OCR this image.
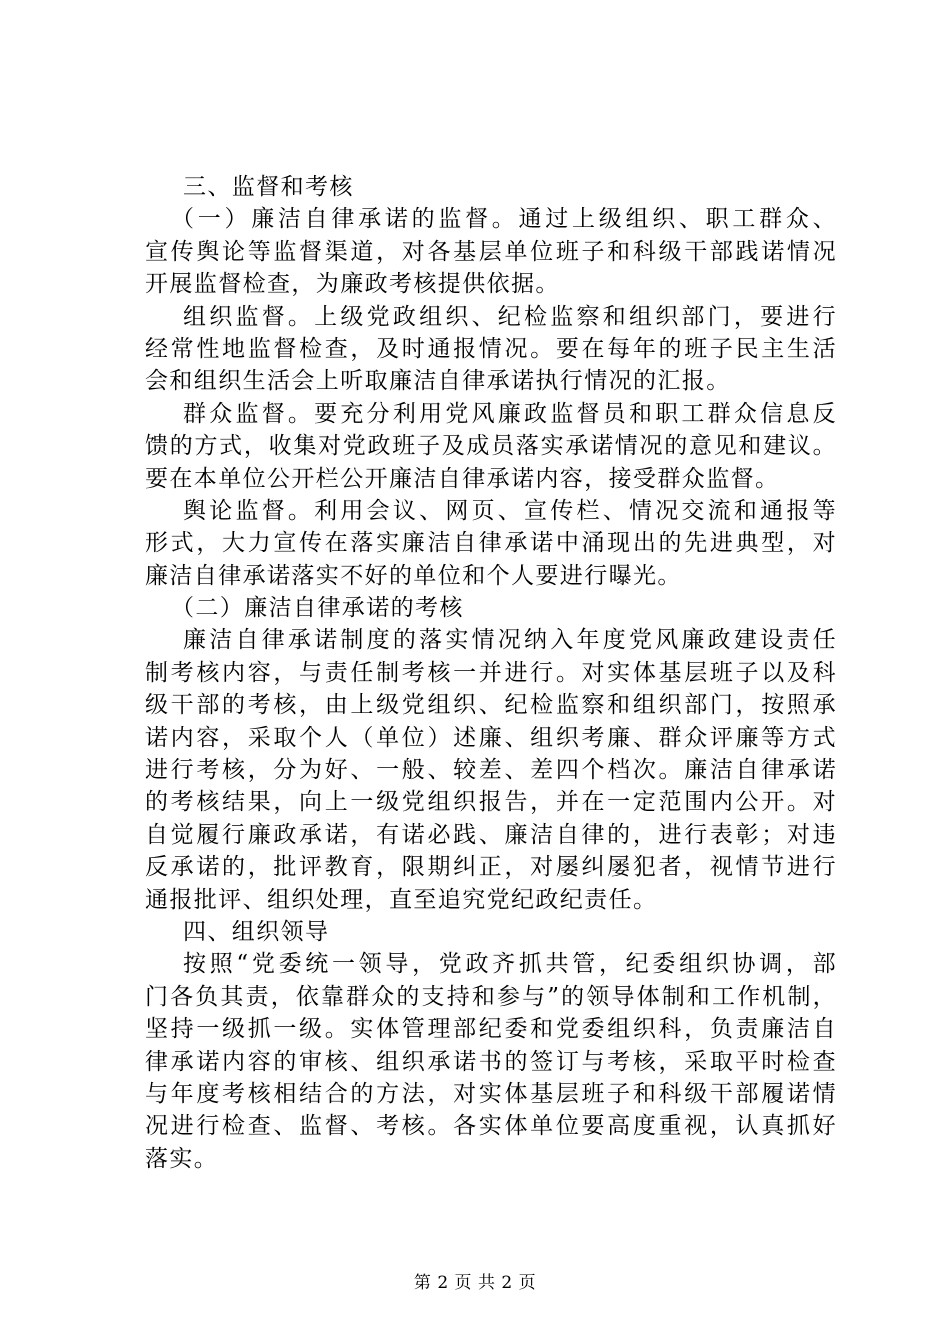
三、监督和考核
（一）廉洁自律承诺的监督。通过上级组织、职工群众、
宣传舆论等监督渠道，对各基层单位班子和科级干部践诺情况
开展监督检查，为廉政考核提供依据。
组织监督。上级党政组织、纪检监察和组织部门，要进行
经常性地监督检查，及时通报情况。要在每年的班子民主生活
会和组织生活会上听取廉洁自律承诺执行情况的汇报。
群众监督。要充分利用党风廉政监督员和职工群众信息反
馈的方式，收集对党政班子及成员落实承诺情况的意见和建议。
要在本单位公开栏公开廉洁自律承诺内容，接受群众监督。
舆论监督。利用会议、网页、宣传栏、情况交流和通报等
形式，大力宣传在落实廉洁自律承诺中涌现出的先进典型，对
廉洁自律承诺落实不好的单位和个人要进行曝光。
（二）廉洁自律承诺的考核
廉洁自律承诺制度的落实情况纳入年度党风廉政建设责任
制考核内容，与责任制考核一并进行。对实体基层班子以及科
级干部的考核，由上级党组织、纪检监察和组织部门，按照承
诺内容，采取个人（单位）述廉、组织考廉、群众评廉等方式
进行考核，分为好、一般、较差、差四个档次。廉洁自律承诺
的考核结果，向上一级党组织报告，并在一定范围内公开。对
自觉履行廉政承诺，有诺必践、廉洁自律的，进行表彰；对违
反承诺的，批评教育，限期纠正，对屡纠屡犯者，视情节进行
通报批评、组织处理，直至追究党纪政纪责任。
四、组织领导
按照“党委统一领导，党政齐抓共管，纪委组织协调，部
门各负其责，依靠群众的支持和参与”的领导体制和工作机制，
坚持一级抓一级。实体管理部纪委和党委组织科，负责廉洁自
律承诺内容的审核、组织承诺书的签订与考核，采取平时检查
与年度考核相结合的方法，对实体基层班子和科级干部履诺情
况进行检查、监督、考核。各实体单位要高度重视，认真抓好
落实。
第 2 页 共 2 页
